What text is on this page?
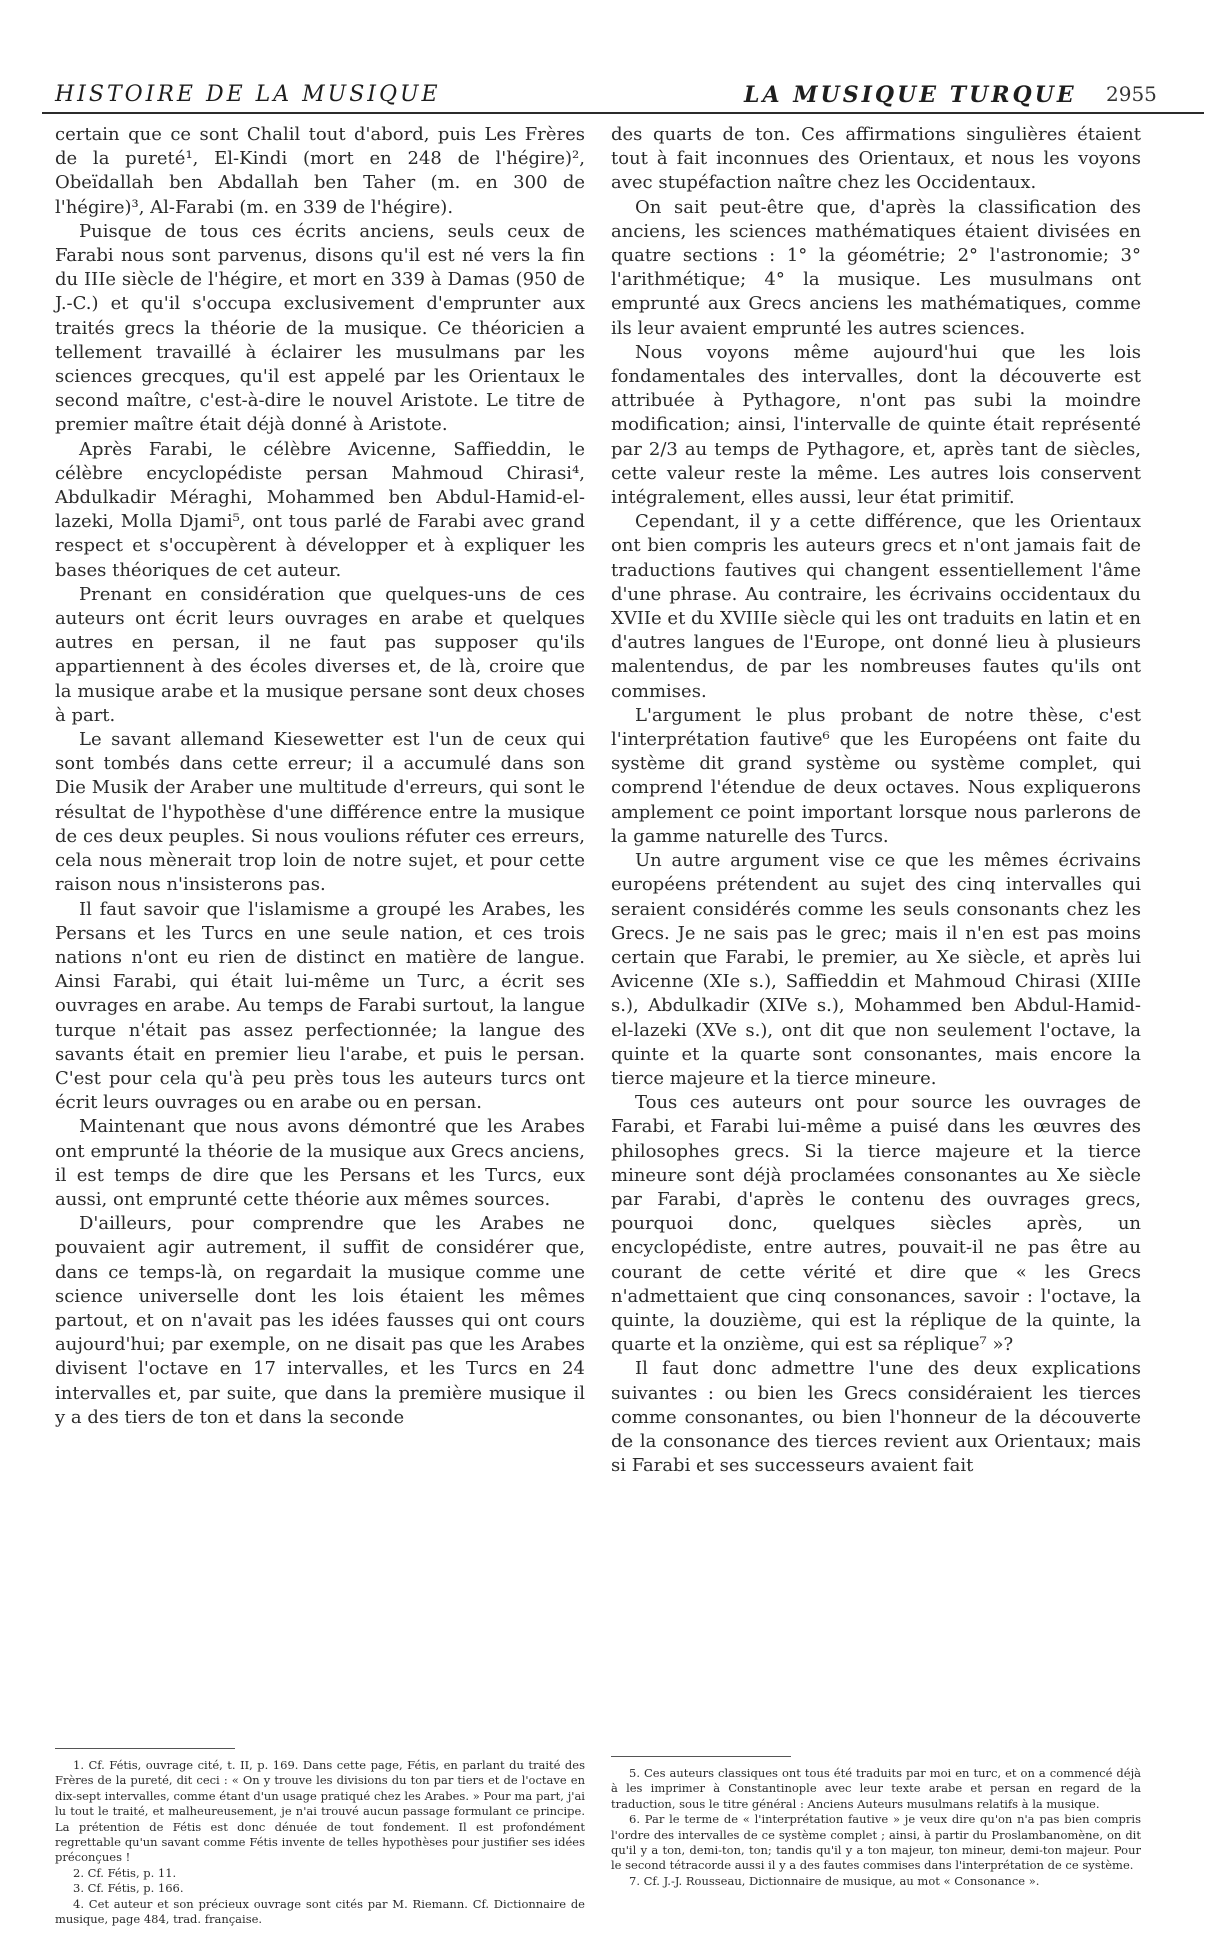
HISTOIRE DE LA MUSIQUE	LA MUSIQUE TURQUE 2955

certain que ce sont Chalil tout d'abord, puis Les Frères de la pureté¹, El-Kindi (mort en 248 de l'hégire)², Obeïdallah ben Abdallah ben Taher (m. en 300 de l'hégire)³, Al-Farabi (m. en 339 de l'hégire).

Puisque de tous ces écrits anciens, seuls ceux de Farabi nous sont parvenus, disons qu'il est né vers la fin du IIIe siècle de l'hégire, et mort en 339 à Damas (950 de J.-C.) et qu'il s'occupa exclusivement d'emprunter aux traités grecs la théorie de la musique. Ce théoricien a tellement travaillé à éclairer les musulmans par les sciences grecques, qu'il est appelé par les Orientaux le second maître, c'est-à-dire le nouvel Aristote. Le titre de premier maître était déjà donné à Aristote.

Après Farabi, le célèbre Avicenne, Saffieddin, le célèbre encyclopédiste persan Mahmoud Chirasi⁴, Abdulkadir Méraghi, Mohammed ben Abdul-Hamid-el-lazeki, Molla Djami⁵, ont tous parlé de Farabi avec grand respect et s'occupèrent à développer et à expliquer les bases théoriques de cet auteur.

Prenant en considération que quelques-uns de ces auteurs ont écrit leurs ouvrages en arabe et quelques autres en persan, il ne faut pas supposer qu'ils appartiennent à des écoles diverses et, de là, croire que la musique arabe et la musique persane sont deux choses à part.

Le savant allemand Kiesewetter est l'un de ceux qui sont tombés dans cette erreur; il a accumulé dans son Die Musik der Araber une multitude d'erreurs, qui sont le résultat de l'hypothèse d'une différence entre la musique de ces deux peuples. Si nous voulions réfuter ces erreurs, cela nous mènerait trop loin de notre sujet, et pour cette raison nous n'insisterons pas.

Il faut savoir que l'islamisme a groupé les Arabes, les Persans et les Turcs en une seule nation, et ces trois nations n'ont eu rien de distinct en matière de langue. Ainsi Farabi, qui était lui-même un Turc, a écrit ses ouvrages en arabe. Au temps de Farabi surtout, la langue turque n'était pas assez perfectionnée; la langue des savants était en premier lieu l'arabe, et puis le persan. C'est pour cela qu'à peu près tous les auteurs turcs ont écrit leurs ouvrages ou en arabe ou en persan.

Maintenant que nous avons démontré que les Arabes ont emprunté la théorie de la musique aux Grecs anciens, il est temps de dire que les Persans et les Turcs, eux aussi, ont emprunté cette théorie aux mêmes sources.

D'ailleurs, pour comprendre que les Arabes ne pouvaient agir autrement, il suffit de considérer que, dans ce temps-là, on regardait la musique comme une science universelle dont les lois étaient les mêmes partout, et on n'avait pas les idées fausses qui ont cours aujourd'hui; par exemple, on ne disait pas que les Arabes divisent l'octave en 17 intervalles, et les Turcs en 24 intervalles et, par suite, que dans la première musique il y a des tiers de ton et dans la seconde

des quarts de ton. Ces affirmations singulières étaient tout à fait inconnues des Orientaux, et nous les voyons avec stupéfaction naître chez les Occidentaux.

On sait peut-être que, d'après la classification des anciens, les sciences mathématiques étaient divisées en quatre sections : 1° la géométrie; 2° l'astronomie; 3° l'arithmétique; 4° la musique. Les musulmans ont emprunté aux Grecs anciens les mathématiques, comme ils leur avaient emprunté les autres sciences.

Nous voyons même aujourd'hui que les lois fondamentales des intervalles, dont la découverte est attribuée à Pythagore, n'ont pas subi la moindre modification; ainsi, l'intervalle de quinte était représenté par 2/3 au temps de Pythagore, et, après tant de siècles, cette valeur reste la même. Les autres lois conservent intégralement, elles aussi, leur état primitif.

Cependant, il y a cette différence, que les Orientaux ont bien compris les auteurs grecs et n'ont jamais fait de traductions fautives qui changent essentiellement l'âme d'une phrase. Au contraire, les écrivains occidentaux du XVIIe et du XVIIIe siècle qui les ont traduits en latin et en d'autres langues de l'Europe, ont donné lieu à plusieurs malentendus, de par les nombreuses fautes qu'ils ont commises.

L'argument le plus probant de notre thèse, c'est l'interprétation fautive⁶ que les Européens ont faite du système dit grand système ou système complet, qui comprend l'étendue de deux octaves. Nous expliquerons amplement ce point important lorsque nous parlerons de la gamme naturelle des Turcs.

Un autre argument vise ce que les mêmes écrivains européens prétendent au sujet des cinq intervalles qui seraient considérés comme les seuls consonants chez les Grecs. Je ne sais pas le grec; mais il n'en est pas moins certain que Farabi, le premier, au Xe siècle, et après lui Avicenne (XIe s.), Saffieddin et Mahmoud Chirasi (XIIIe s.), Abdulkadir (XIVe s.), Mohammed ben Abdul-Hamid-el-lazeki (XVe s.), ont dit que non seulement l'octave, la quinte et la quarte sont consonantes, mais encore la tierce majeure et la tierce mineure.

Tous ces auteurs ont pour source les ouvrages de Farabi, et Farabi lui-même a puisé dans les œuvres des philosophes grecs. Si la tierce majeure et la tierce mineure sont déjà proclamées consonantes au Xe siècle par Farabi, d'après le contenu des ouvrages grecs, pourquoi donc, quelques siècles après, un encyclopédiste, entre autres, pouvait-il ne pas être au courant de cette vérité et dire que « les Grecs n'admettaient que cinq consonances, savoir : l'octave, la quinte, la douzième, qui est la réplique de la quinte, la quarte et la onzième, qui est sa réplique⁷ »?

Il faut donc admettre l'une des deux explications suivantes : ou bien les Grecs considéraient les tierces comme consonantes, ou bien l'honneur de la découverte de la consonance des tierces revient aux Orientaux; mais si Farabi et ses successeurs avaient fait

1. Cf. Fétis, ouvrage cité, t. II, p. 169. Dans cette page, Fétis, en parlant du traité des Frères de la pureté, dit ceci : « On y trouve les divisions du ton par tiers et de l'octave en dix-sept intervalles, comme étant d'un usage pratiqué chez les Arabes. » Pour ma part, j'ai lu tout le traité, et malheureusement, je n'ai trouvé aucun passage formulant ce principe. La prétention de Fétis est donc dénuée de tout fondement. Il est profondément regrettable qu'un savant comme Fétis invente de telles hypothèses pour justifier ses idées préconçues !

2. Cf. Fétis, p. 11.

3. Cf. Fétis, p. 166.

4. Cet auteur et son précieux ouvrage sont cités par M. Riemann. Cf. Dictionnaire de musique, page 484, trad. française.

5. Ces auteurs classiques ont tous été traduits par moi en turc, et on a commencé déjà à les imprimer à Constantinople avec leur texte arabe et persan en regard de la traduction, sous le titre général : Anciens Auteurs musulmans relatifs à la musique.

6. Par le terme de « l'interprétation fautive » je veux dire qu'on n'a pas bien compris l'ordre des intervalles de ce système complet ; ainsi, à partir du Proslambanomène, on dit qu'il y a ton, demi-ton, ton; tandis qu'il y a ton majeur, ton mineur, demi-ton majeur. Pour le second tétracorde aussi il y a des fautes commises dans l'interprétation de ce système.

7. Cf. J.-J. Rousseau, Dictionnaire de musique, au mot « Consonance ».
